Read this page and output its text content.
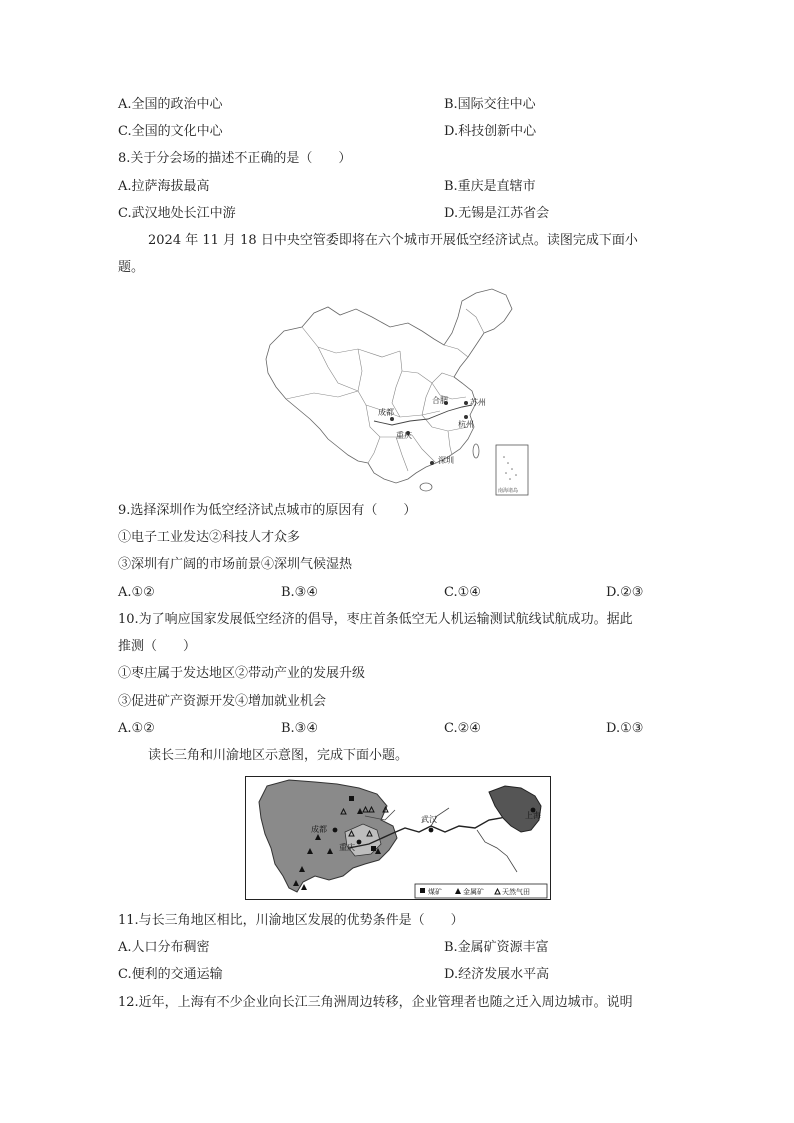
A.全国的政治中心	B.国际交往中心
C.全国的文化中心	D.科技创新中心
8.关于分会场的描述不正确的是（　　）
A.拉萨海拔最高	B.重庆是直辖市
C.武汉地处长江中游	D.无锡是江苏省会
2024 年 11 月 18 日中央空管委即将在六个城市开展低空经济试点。读图完成下面小
题。
成都
重庆
合肥	苏州
杭州
深圳
南海诸岛
9.选择深圳作为低空经济试点城市的原因有（　　）
①电子工业发达②科技人才众多
③深圳有广阔的市场前景④深圳气候湿热
A.①②	B.③④	C.①④	D.②③
10.为了响应国家发展低空经济的倡导，枣庄首条低空无人机运输测试航线试航成功。据此
推测（　　）
①枣庄属于发达地区②带动产业的发展升级
③促进矿产资源开发④增加就业机会
A.①②	B.③④	C.②④	D.①③
读长三角和川渝地区示意图，完成下面小题。
成都
重庆
武汉	上海
煤矿	金属矿	天然气田
11.与长三角地区相比，川渝地区发展的优势条件是（　　）
A.人口分布稠密	B.金属矿资源丰富
C.便利的交通运输	D.经济发展水平高
12.近年，上海有不少企业向长江三角洲周边转移，企业管理者也随之迁入周边城市。说明
